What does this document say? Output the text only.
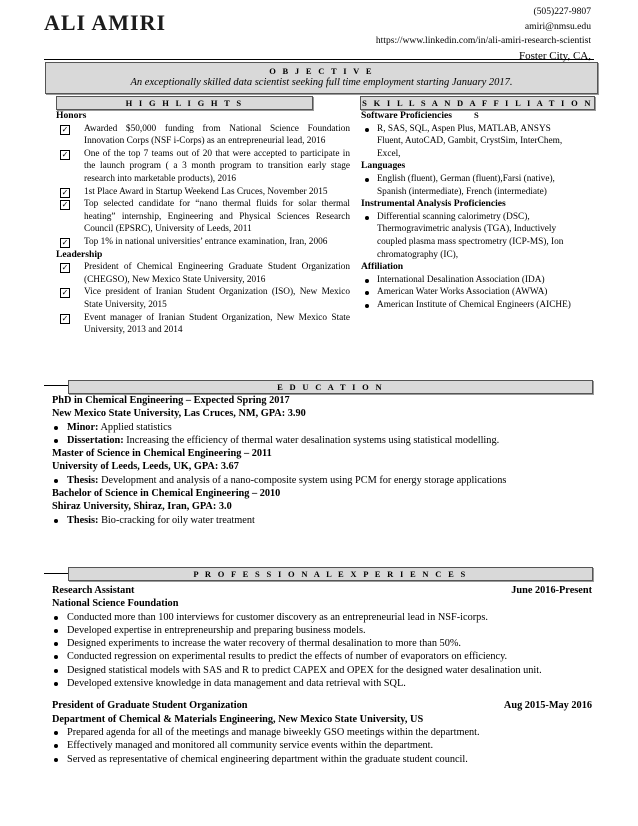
ALI AMIRI	(505)227-9807
amiri@nmsu.edu
https://www.linkedin.com/in/ali-amiri-research-scientist
Foster City, CA,
O B J E C T I V E
An exceptionally skilled data scientist seeking full time employment starting January 2017.
H I G H L I G H T S	S K I L L S A N D A F F I L I A T I O N S
Honors
✓ Awarded $50,000 funding from National Science Foundation Innovation Corps (NSF i-Corps) as an entrepreneurial lead, 2016
✓ One of the top 7 teams out of 20 that were accepted to participate in the launch program ( a 3 month program to transition early stage research into marketable products), 2016
✓ 1st Place Award in Startup Weekend Las Cruces, November 2015
✓ Top selected candidate for “nano thermal fluids for solar thermal heating” internship, Engineering and Physical Sciences Research Council (EPSRC), University of Leeds, 2011
✓ Top 1% in national universities’ entrance examination, Iran, 2006
Leadership
✓ President of Chemical Engineering Graduate Student Organization (CHEGSO), New Mexico State University, 2016
✓ Vice president of Iranian Student Organization (ISO), New Mexico State University, 2015
✓ Event manager of Iranian Student Organization, New Mexico State University, 2013 and 2014
Software Proficiencies
R, SAS, SQL, Aspen Plus, MATLAB, ANSYS Fluent, AutoCAD, Gambit, CrystSim, InterChem, Excel,
Languages
English (fluent), German (fluent),Farsi (native), Spanish (intermediate), French (intermediate)
Instrumental Analysis Proficiencies
Differential scanning calorimetry (DSC), Thermogravimetric analysis (TGA), Inductively coupled plasma mass spectrometry (ICP-MS), Ion chromatography (IC),
Affiliation
International Desalination Association (IDA)
American Water Works Association (AWWA)
American Institute of Chemical Engineers (AICHE)
E D U C A T I O N
PhD in Chemical Engineering – Expected Spring 2017
New Mexico State University, Las Cruces, NM, GPA: 3.90
Minor: Applied statistics
Dissertation: Increasing the efficiency of thermal water desalination systems using statistical modelling.
Master of Science in Chemical Engineering – 2011
University of Leeds, Leeds, UK, GPA: 3.67
Thesis: Development and analysis of a nano-composite system using PCM for energy storage applications
Bachelor of Science in Chemical Engineering – 2010
Shiraz University, Shiraz, Iran, GPA: 3.0
Thesis: Bio-cracking for oily water treatment
P R O F E S S I O N A L E X P E R I E N C E S
Research Assistant	June 2016-Present
National Science Foundation
Conducted more than 100 interviews for customer discovery as an entrepreneurial lead in NSF-icorps.
Developed expertise in entrepreneurship and preparing business models.
Designed experiments to increase the water recovery of thermal desalination to more than 50%.
Conducted regression on experimental results to predict the effects of number of evaporators on efficiency.
Designed statistical models with SAS and R to predict CAPEX and OPEX for the designed water desalination unit.
Developed extensive knowledge in data management and data retrieval with SQL.
President of Graduate Student Organization	Aug 2015-May 2016
Department of Chemical & Materials Engineering, New Mexico State University, US
Prepared agenda for all of the meetings and manage biweekly GSO meetings within the department.
Effectively managed and monitored all community service events within the department.
Served as representative of chemical engineering department within the graduate student council.
